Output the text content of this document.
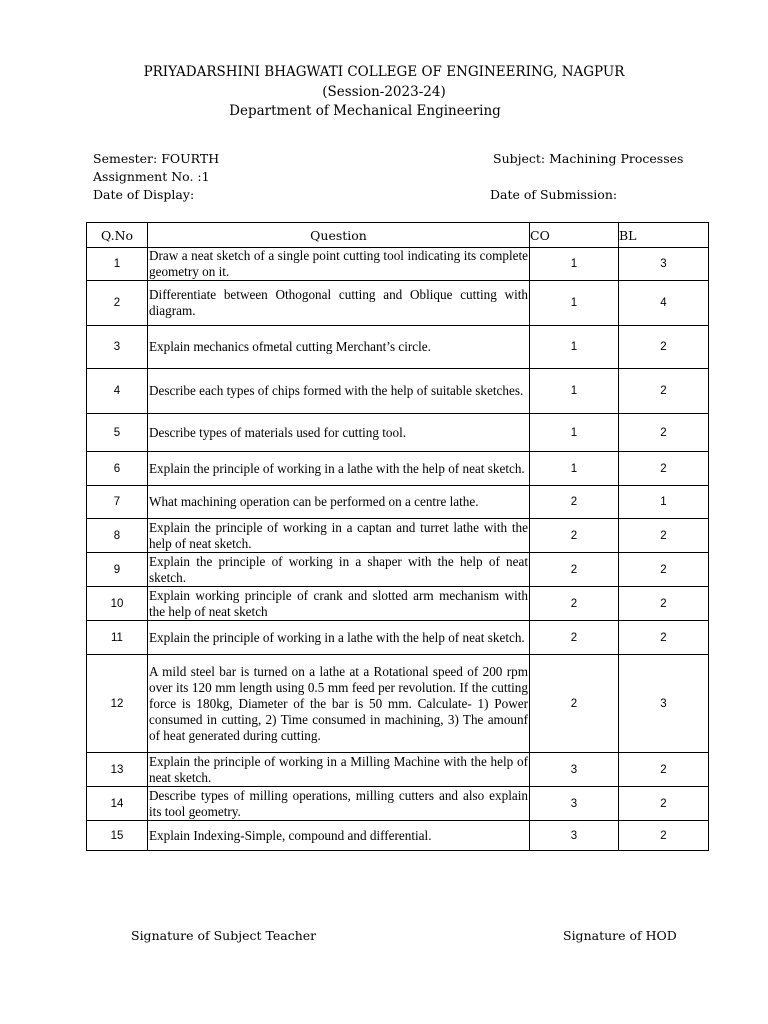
PRIYADARSHINI BHAGWATI COLLEGE OF ENGINEERING, NAGPUR
(Session-2023-24)
Department of Mechanical Engineering
Semester: FOURTH	Subject: Machining Processes
Assignment No. :1
Date of Display:	Date of Submission:
Q.No	Question	CO	BL
1	Draw a neat sketch of a single point cutting tool indicating its complete geometry on it.	1	3
2	Differentiate between Othogonal cutting and Oblique cutting with diagram.	1	4
3	Explain mechanics ofmetal cutting Merchant’s circle.	1	2
4	Describe each types of chips formed with the help of suitable sketches.	1	2
5	Describe types of materials used for cutting tool.	1	2
6	Explain the principle of working in a lathe with the help of neat sketch.	1	2
7	What machining operation can be performed on a centre lathe.	2	1
8	Explain the principle of working in a captan and turret lathe with the help of neat sketch.	2	2
9	Explain the principle of working in a shaper with the help of neat sketch.	2	2
10	Explain working principle of crank and slotted arm mechanism with the help of neat sketch	2	2
11	Explain the principle of working in a lathe with the help of neat sketch.	2	2
12	A mild steel bar is turned on a lathe at a Rotational speed of 200 rpm over its 120 mm length using 0.5 mm feed per revolution. If the cutting force is 180kg, Diameter of the bar is 50 mm. Calculate- 1) Power consumed in cutting, 2) Time consumed in machining, 3) The amounf of heat generated during cutting.	2	3
13	Explain the principle of working in a Milling Machine with the help of neat sketch.	3	2
14	Describe types of milling operations, milling cutters and also explain its tool geometry.	3	2
15	Explain Indexing-Simple, compound and differential.	3	2
Signature of Subject Teacher	Signature of HOD
